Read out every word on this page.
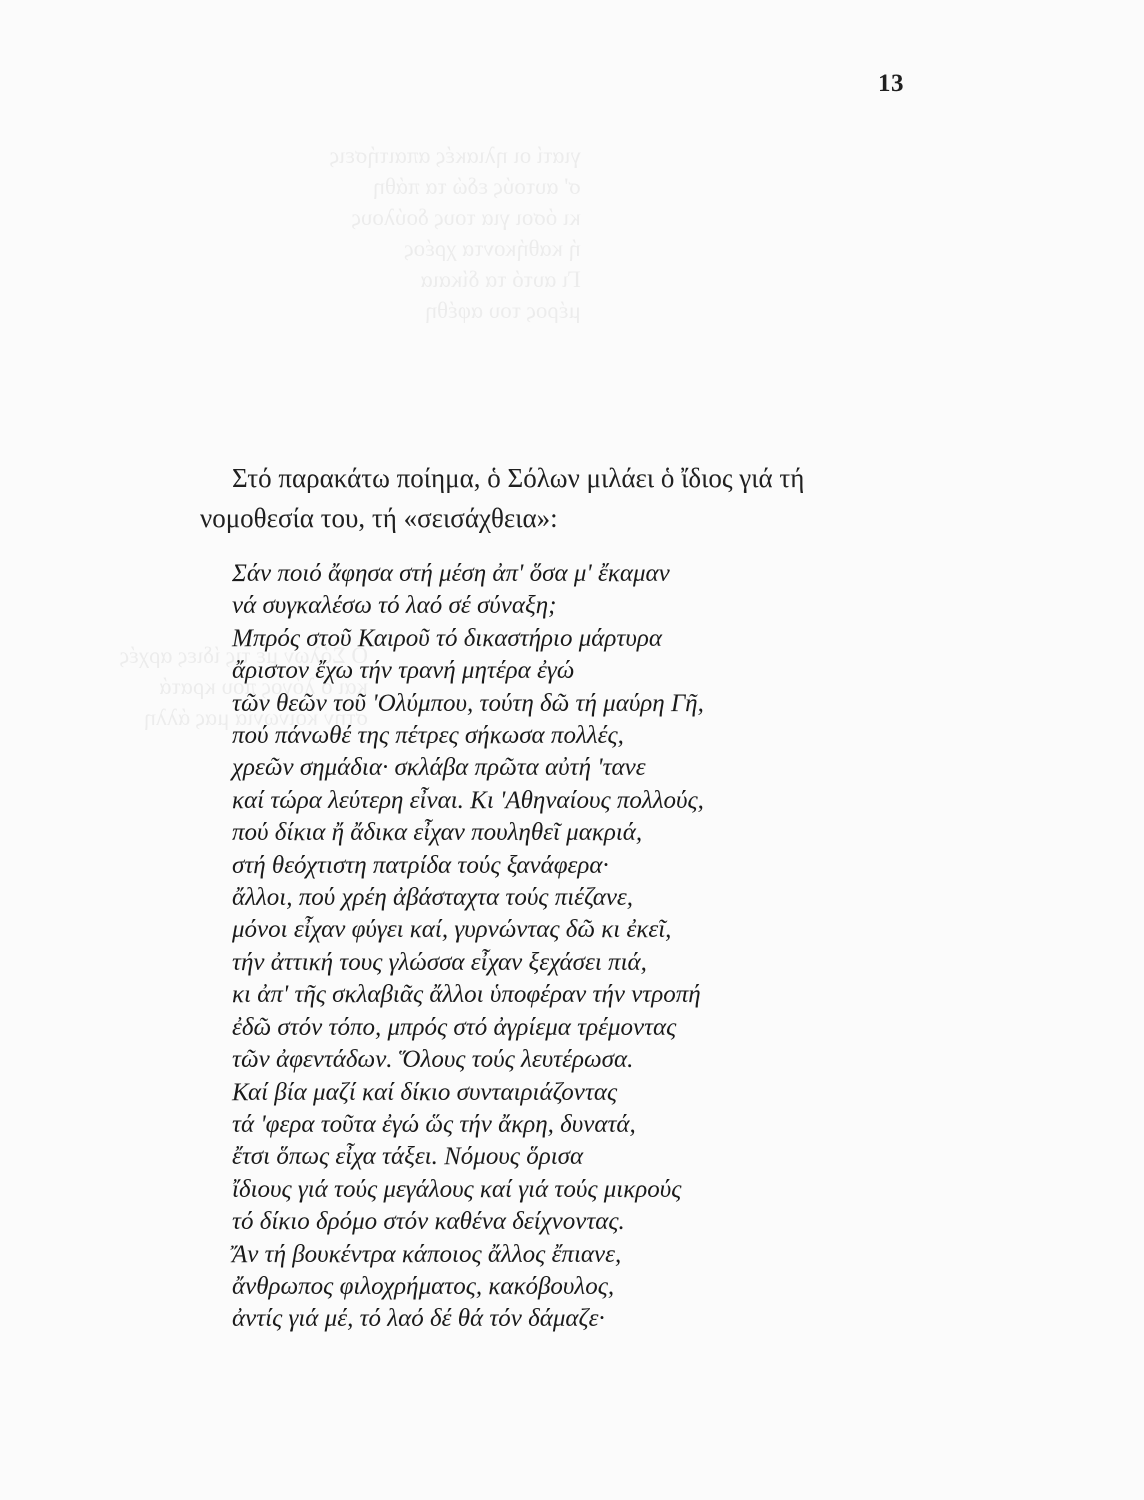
γιατί οι ηλιακές απαιτήσεις
σ' αυτούς εδώ τα πάθη
κι όσοι για τους δούλους
ή καθήκοντα χρέος
Γι αυτό τα δίκαια
μέρος του αφέθη
Ο Σόλων με τις ίδιες αρχές
και ο λόγος που κρατά
στην κοινωνία μας άλλη
13
Στό παρακάτω ποίημα, ὁ Σόλων μιλάει ὁ ἴδιος γιά τή
νομοθεσία του, τή «σεισάχθεια»:
Σάν ποιό ἄφησα στή μέση ἀπ' ὅσα μ' ἔκαμαν
νά συγκαλέσω τό λαό σέ σύναξη;
Μπρός στοῦ Καιροῦ τό δικαστήριο μάρτυρα
ἄριστον ἔχω τήν τρανή μητέρα ἐγώ
τῶν θεῶν τοῦ 'Ολύμπου, τούτη δῶ τή μαύρη Γῆ,
πού πάνωθέ της πέτρες σήκωσα πολλές,
χρεῶν σημάδια· σκλάβα πρῶτα αὐτή 'τανε
καί τώρα λεύτερη εἶναι. Κι 'Αθηναίους πολλούς,
πού δίκια ἤ ἄδικα εἶχαν πουληθεῖ μακριά,
στή θεόχτιστη πατρίδα τούς ξανάφερα·
ἄλλοι, πού χρέη ἀβάσταχτα τούς πιέζανε,
μόνοι εἶχαν φύγει καί, γυρνώντας δῶ κι ἐκεῖ,
τήν ἀττική τους γλώσσα εἶχαν ξεχάσει πιά,
κι ἀπ' τῆς σκλαβιᾶς ἄλλοι ὑποφέραν τήν ντροπή
ἐδῶ στόν τόπο, μπρός στό ἀγρίεμα τρέμοντας
τῶν ἀφεντάδων. Ὅλους τούς λευτέρωσα.
Καί βία μαζί καί δίκιο συνταιριάζοντας
τά 'φερα τοῦτα ἐγώ ὥς τήν ἄκρη, δυνατά,
ἔτσι ὅπως εἶχα τάξει. Νόμους ὅρισα
ἴδιους γιά τούς μεγάλους καί γιά τούς μικρούς
τό δίκιο δρόμο στόν καθένα δείχνοντας.
Ἄν τή βουκέντρα κάποιος ἄλλος ἔπιανε,
ἄνθρωπος φιλοχρήματος, κακόβουλος,
ἀντίς γιά μέ, τό λαό δέ θά τόν δάμαζε·
